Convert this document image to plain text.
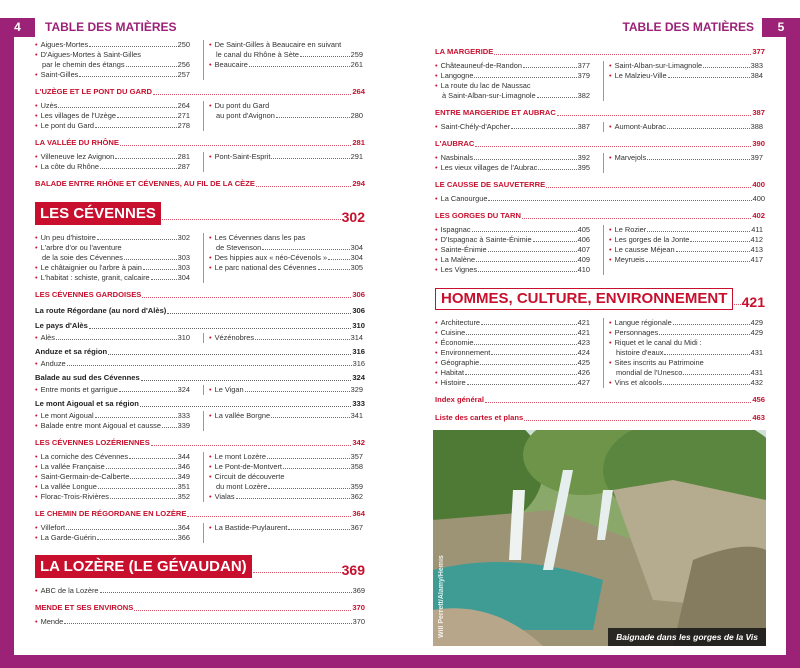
4	TABLE DES MATIÈRES	TABLE DES MATIÈRES	5
• Aigues-Mortes	250
• D'Aigues-Mortes à Saint-Gilles
par le chemin des étangs	256
• Saint-Gilles	257
• De Saint-Gilles à Beaucaire en suivant
le canal du Rhône à Sète	259
• Beaucaire	261
L'UZÈGE ET LE PONT DU GARD	264
• Uzès	264
• Les villages de l'Uzège	271
• Le pont du Gard	278
• Du pont du Gard
au pont d'Avignon	280
LA VALLÉE DU RHÔNE	281
• Villeneuve lez Avignon	281
• La côte du Rhône	287
• Pont-Saint-Esprit	291
BALADE ENTRE RHÔNE ET CÉVENNES, AU FIL DE LA CÈZE	294
LES CÉVENNES	302
• Un peu d'histoire	302
• L'arbre d'or ou l'aventure
de la soie des Cévennes	303
• Le châtaignier ou l'arbre à pain	303
• L'habitat : schiste, granit, calcaire	304
• Les Cévennes dans les pas
de Stevenson	304
• Des hippies aux « néo-Cévenols »	304
• Le parc national des Cévennes	305
LES CÉVENNES GARDOISES	306
La route Régordane (au nord d'Alès)	306
Le pays d'Alès	310
• Alès	310	• Vézénobres	314
Anduze et sa région	316
• Anduze	316
Balade au sud des Cévennes	324
• Entre monts et garrigue	324	• Le Vigan	329
Le mont Aigoual et sa région	333
• Le mont Aigoual	333
• Balade entre mont Aigoual et causse 339
• La vallée Borgne	341
LES CÉVENNES LOZÉRIENNES	342
• La corniche des Cévennes	344
• La vallée Française	346
• Saint-Germain-de-Calberte	349
• La vallée Longue	351
• Florac-Trois-Rivières	352
• Le mont Lozère	357
• Le Pont-de-Montvert	358
• Circuit de découverte
du mont Lozère	359
• Vialas	362
LE CHEMIN DE RÉGORDANE EN LOZÈRE	364
• Villefort	364
• La Garde-Guérin	366
• La Bastide-Puylaurent	367
LA LOZÈRE (LE GÉVAUDAN)	369
• ABC de la Lozère	369
MENDE ET SES ENVIRONS	370
• Mende	370
LA MARGERIDE	377
• Châteauneuf-de-Randon	377
• Langogne	379
• La route du lac de Naussac
à Saint-Alban-sur-Limagnole	382
• Saint-Alban-sur-Limagnole	383
• Le Malzieu-Ville	384
ENTRE MARGERIDE ET AUBRAC	387
• Saint-Chély-d'Apcher	387	• Aumont-Aubrac	388
L'AUBRAC	390
• Nasbinals	392
• Les vieux villages de l'Aubrac	395
• Marvejols	397
LE CAUSSE DE SAUVETERRE	400
• La Canourgue	400
LES GORGES DU TARN	402
• Ispagnac	405
• D'Ispagnac à Sainte-Énimie	406
• Sainte-Énimie	407
• La Malène	409
• Les Vignes	410
• Le Rozier	411
• Les gorges de la Jonte	412
• Le causse Méjean	413
• Meyrueis	417
HOMMES, CULTURE, ENVIRONNEMENT	421
• Architecture	421
• Cuisine	421
• Économie	423
• Environnement	424
• Géographie	425
• Habitat	426
• Histoire	427
• Langue régionale	429
• Personnages	429
• Riquet et le canal du Midi :
histoire d'eaux	431
• Sites inscrits au Patrimoine
mondial de l'Unesco	431
• Vins et alcools	432
Index général	456
Liste des cartes et plans	463
Will Perrett/Alamy/Hemis	Baignade dans les gorges de la Vis
